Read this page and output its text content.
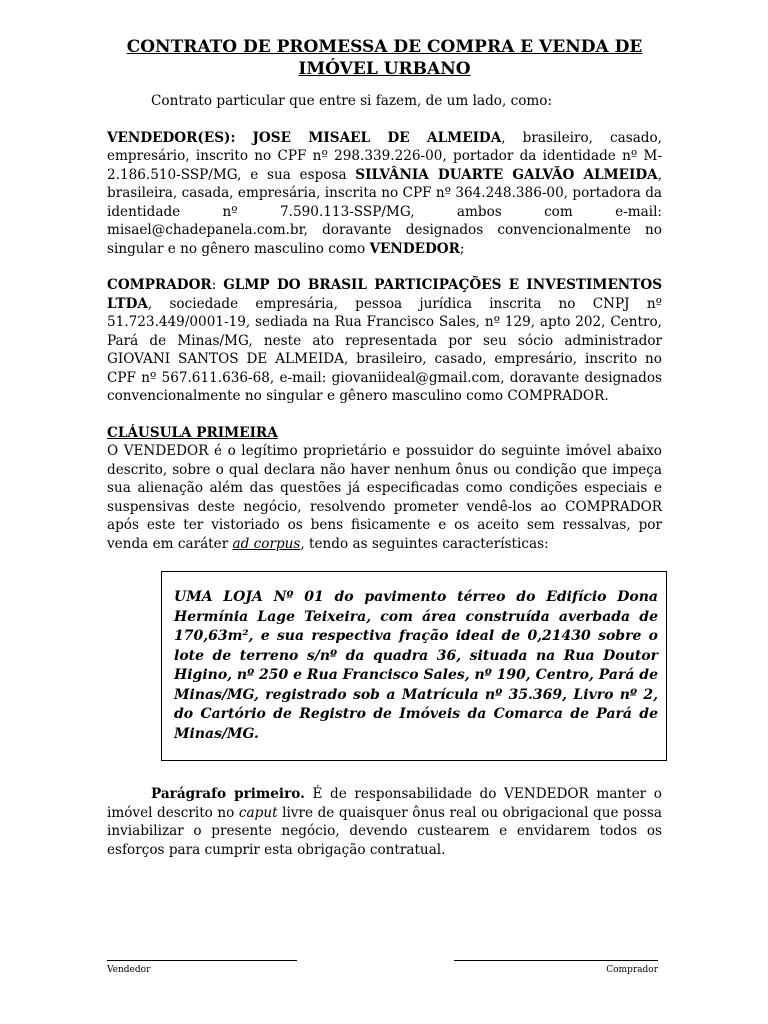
CONTRATO DE PROMESSA DE COMPRA E VENDA DE
IMÓVEL URBANO

Contrato particular que entre si fazem, de um lado, como:

VENDEDOR(ES): JOSE MISAEL DE ALMEIDA, brasileiro, casado, empresário, inscrito no CPF nº 298.339.226-00, portador da identidade nº M-2.186.510-SSP/MG, e sua esposa SILVÂNIA DUARTE GALVÃO ALMEIDA, brasileira, casada, empresária, inscrita no CPF nº 364.248.386-00, portadora da identidade nº 7.590.113-SSP/MG, ambos com e-mail: misael@chadepanela.com.br, doravante designados convencionalmente no singular e no gênero masculino como VENDEDOR;

COMPRADOR: GLMP DO BRASIL PARTICIPAÇÕES E INVESTIMENTOS LTDA, sociedade empresária, pessoa jurídica inscrita no CNPJ nº 51.723.449/0001-19, sediada na Rua Francisco Sales, nº 129, apto 202, Centro, Pará de Minas/MG, neste ato representada por seu sócio administrador GIOVANI SANTOS DE ALMEIDA, brasileiro, casado, empresário, inscrito no CPF nº 567.611.636-68, e-mail: giovaniideal@gmail.com, doravante designados convencionalmente no singular e gênero masculino como COMPRADOR.

CLÁUSULA PRIMEIRA

O VENDEDOR é o legítimo proprietário e possuidor do seguinte imóvel abaixo descrito, sobre o qual declara não haver nenhum ônus ou condição que impeça sua alienação além das questões já especificadas como condições especiais e suspensivas deste negócio, resolvendo prometer vendê-los ao COMPRADOR após este ter vistoriado os bens fisicamente e os aceito sem ressalvas, por venda em caráter ad corpus, tendo as seguintes características:

UMA LOJA Nº 01 do pavimento térreo do Edifício Dona Hermínia Lage Teixeira, com área construída averbada de 170,63m², e sua respectiva fração ideal de 0,21430 sobre o lote de terreno s/nº da quadra 36, situada na Rua Doutor Higino, nº 250 e Rua Francisco Sales, nº 190, Centro, Pará de Minas/MG, registrado sob a Matrícula nº 35.369, Livro nº 2, do Cartório de Registro de Imóveis da Comarca de Pará de Minas/MG.

Parágrafo primeiro. É de responsabilidade do VENDEDOR manter o imóvel descrito no caput livre de quaisquer ônus real ou obrigacional que possa inviabilizar o presente negócio, devendo custearem e envidarem todos os esforços para cumprir esta obrigação contratual.

Vendedor	Comprador
